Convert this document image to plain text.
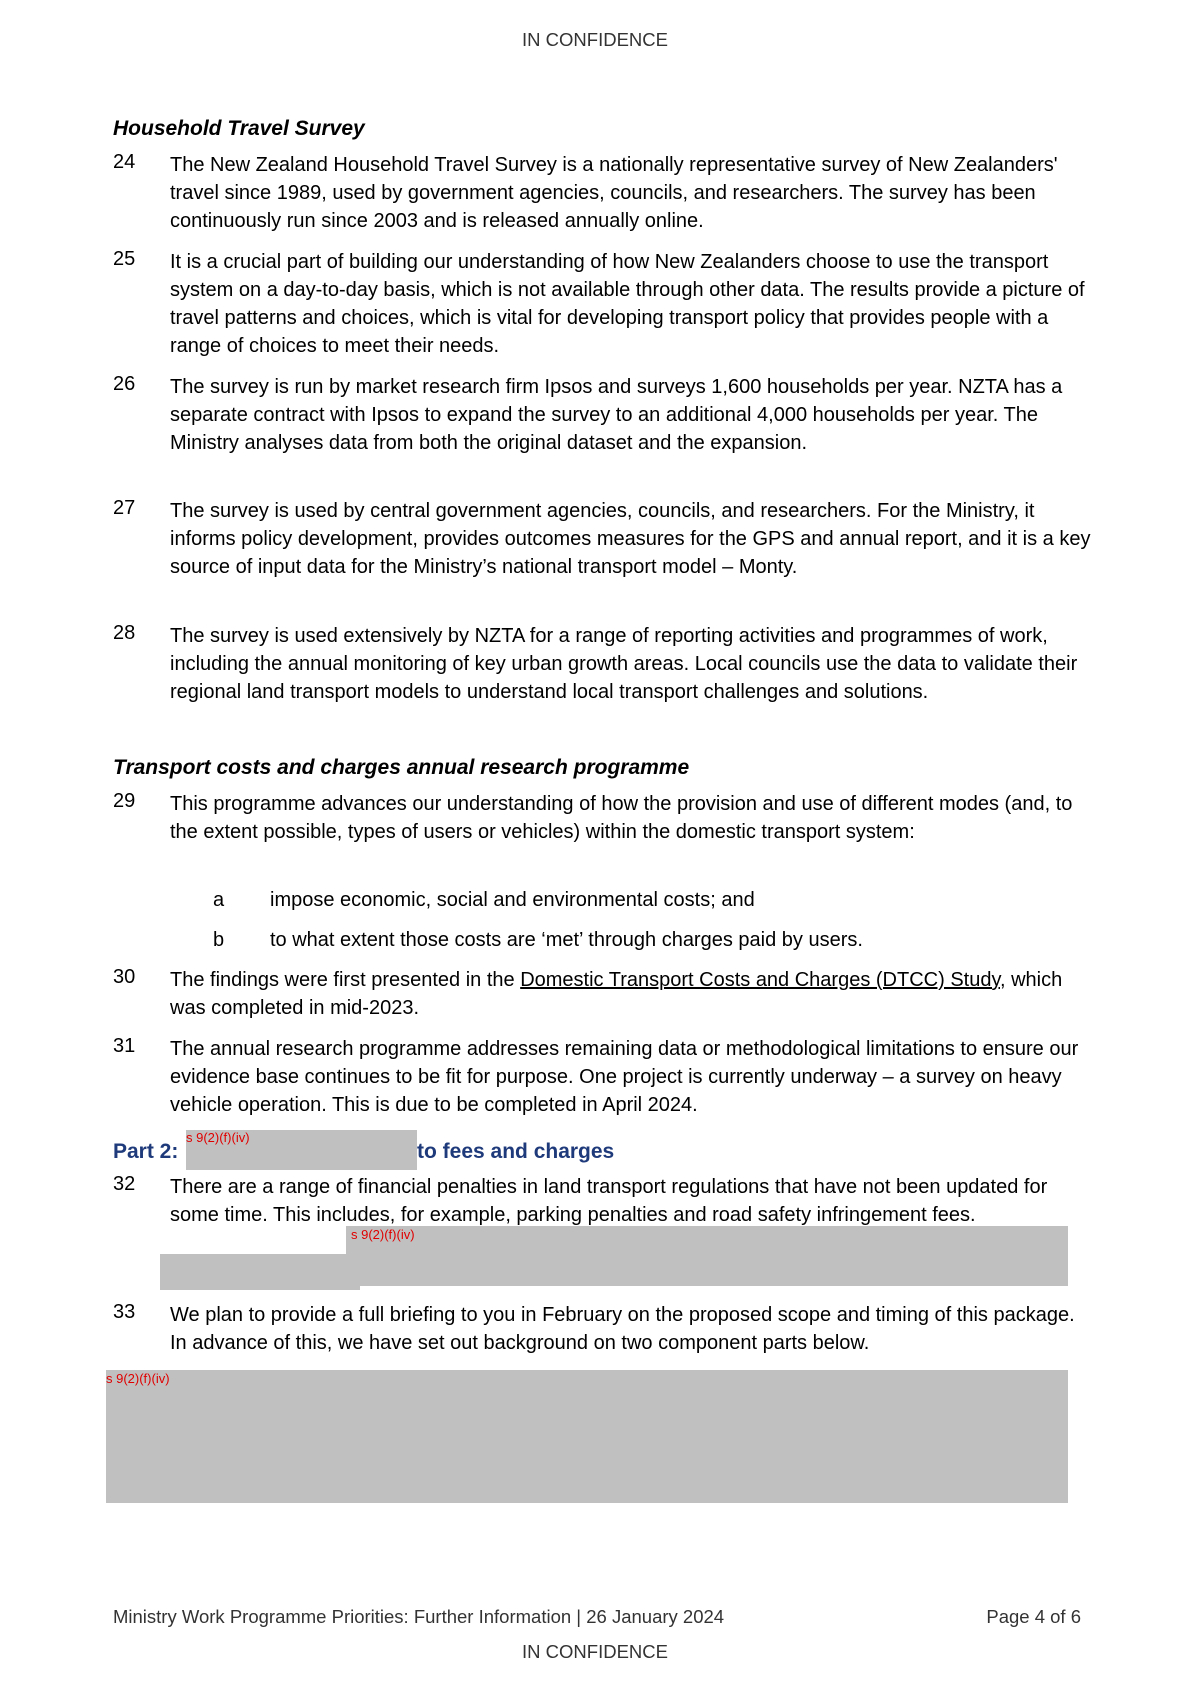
IN CONFIDENCE
Household Travel Survey
24	The New Zealand Household Travel Survey is a nationally representative survey of New Zealanders' travel since 1989, used by government agencies, councils, and researchers. The survey has been continuously run since 2003 and is released annually online.
25	It is a crucial part of building our understanding of how New Zealanders choose to use the transport system on a day-to-day basis, which is not available through other data. The results provide a picture of travel patterns and choices, which is vital for developing transport policy that provides people with a range of choices to meet their needs.
26	The survey is run by market research firm Ipsos and surveys 1,600 households per year. NZTA has a separate contract with Ipsos to expand the survey to an additional 4,000 households per year. The Ministry analyses data from both the original dataset and the expansion.
27	The survey is used by central government agencies, councils, and researchers. For the Ministry, it informs policy development, provides outcomes measures for the GPS and annual report, and it is a key source of input data for the Ministry’s national transport model – Monty.
28	The survey is used extensively by NZTA for a range of reporting activities and programmes of work, including the annual monitoring of key urban growth areas. Local councils use the data to validate their regional land transport models to understand local transport challenges and solutions.
Transport costs and charges annual research programme
29	This programme advances our understanding of how the provision and use of different modes (and, to the extent possible, types of users or vehicles) within the domestic transport system:
a impose economic, social and environmental costs; and
b to what extent those costs are ‘met’ through charges paid by users.
30	The findings were first presented in the Domestic Transport Costs and Charges (DTCC) Study, which was completed in mid-2023.
31	The annual research programme addresses remaining data or methodological limitations to ensure our evidence base continues to be fit for purpose. One project is currently underway – a survey on heavy vehicle operation. This is due to be completed in April 2024.
Part 2:
s 9(2)(f)(iv)
to fees and charges
32	There are a range of financial penalties in land transport regulations that have not been updated for some time. This includes, for example, parking penalties and road safety infringement fees.
s 9(2)(f)(iv)
33	We plan to provide a full briefing to you in February on the proposed scope and timing of this package. In advance of this, we have set out background on two component parts below.
s 9(2)(f)(iv)
Ministry Work Programme Priorities: Further Information | 26 January 2024	Page 4 of 6
IN CONFIDENCE
